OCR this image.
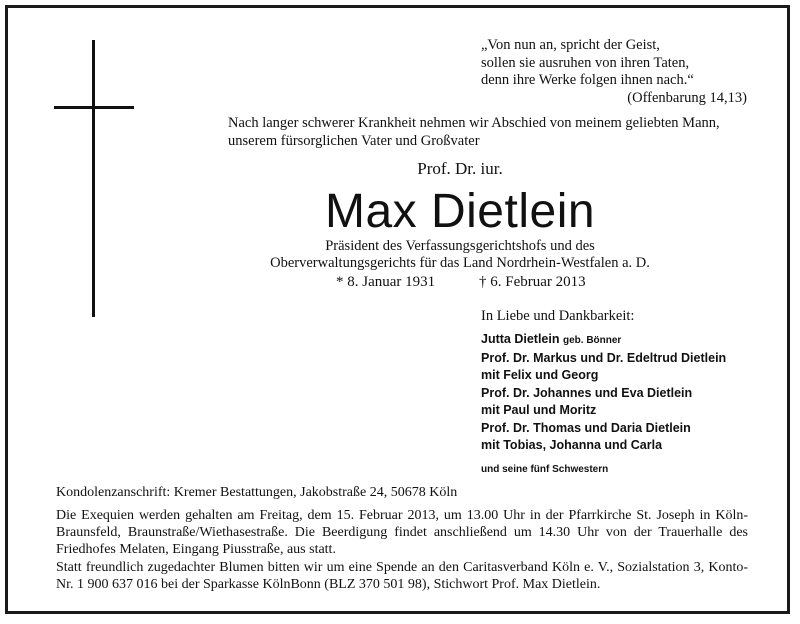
„Von nun an, spricht der Geist,
sollen sie ausruhen von ihren Taten,
denn ihre Werke folgen ihnen nach.“
(Offenbarung 14,13)
Nach langer schwerer Krankheit nehmen wir Abschied von meinem geliebten Mann,
unserem fürsorglichen Vater und Großvater
Prof. Dr. iur.
Max Dietlein
Präsident des Verfassungsgerichtshofs und des
Oberverwaltungsgerichts für das Land Nordrhein-Westfalen a. D.
* 8. Januar 1931	† 6. Februar 2013
In Liebe und Dankbarkeit:
Jutta Dietlein geb. Bönner
Prof. Dr. Markus und Dr. Edeltrud Dietlein
mit Felix und Georg
Prof. Dr. Johannes und Eva Dietlein
mit Paul und Moritz
Prof. Dr. Thomas und Daria Dietlein
mit Tobias, Johanna und Carla
und seine fünf Schwestern
Kondolenzanschrift: Kremer Bestattungen, Jakobstraße 24, 50678 Köln

Die Exequien werden gehalten am Freitag, dem 15. Februar 2013, um 13.00 Uhr in der Pfarrkirche St. Joseph in Köln-Braunsfeld, Braunstraße/Wiethasestraße. Die Beerdigung findet anschließend um 14.30 Uhr von der Trauerhalle des Friedhofes Melaten, Eingang Piusstraße, aus statt.

Statt freundlich zugedachter Blumen bitten wir um eine Spende an den Caritasverband Köln e. V., Sozialstation 3, Konto-Nr. 1 900 637 016 bei der Sparkasse KölnBonn (BLZ 370 501 98), Stichwort Prof. Max Dietlein.
